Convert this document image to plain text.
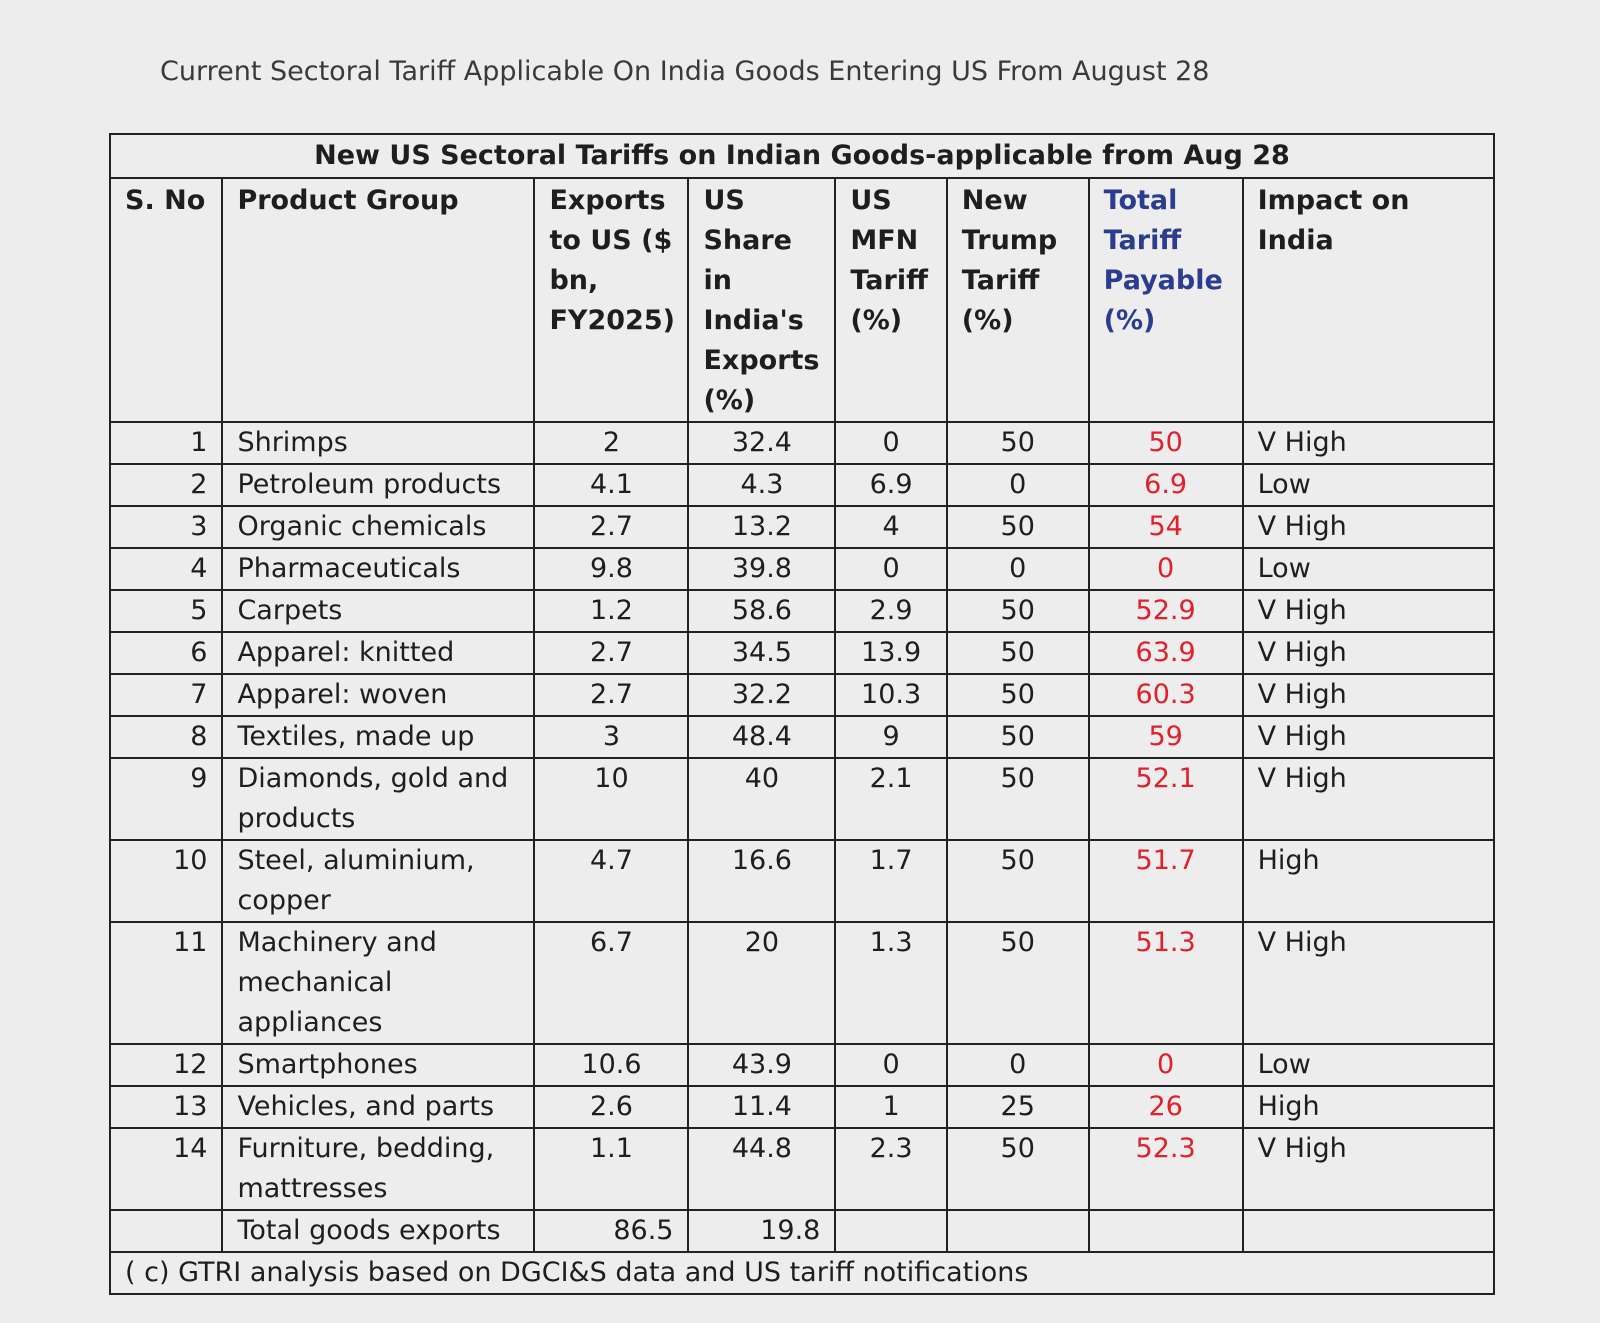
Current Sectoral Tariff Applicable On India Goods Entering US From August 28
New US Sectoral Tariffs on Indian Goods-applicable from Aug 28							
S. No	Product Group	Exports to US ($ bn, FY2025)	US Share in India's Exports (%)	US MFN Tariff (%)	New Trump Tariff (%)	Total Tariff Payable (%)	Impact on India
1	Shrimps	2	32.4	0	50	50	V High
2	Petroleum products	4.1	4.3	6.9	0	6.9	Low
3	Organic chemicals	2.7	13.2	4	50	54	V High
4	Pharmaceuticals	9.8	39.8	0	0	0	Low
5	Carpets	1.2	58.6	2.9	50	52.9	V High
6	Apparel: knitted	2.7	34.5	13.9	50	63.9	V High
7	Apparel: woven	2.7	32.2	10.3	50	60.3	V High
8	Textiles, made up	3	48.4	9	50	59	V High
9	Diamonds, gold and products	10	40	2.1	50	52.1	V High
10	Steel, aluminium, copper	4.7	16.6	1.7	50	51.7	High
11	Machinery and mechanical appliances	6.7	20	1.3	50	51.3	V High
12	Smartphones	10.6	43.9	0	0	0	Low
13	Vehicles, and parts	2.6	11.4	1	25	26	High
14	Furniture, bedding, mattresses	1.1	44.8	2.3	50	52.3	V High
	Total goods exports	86.5	19.8				
( c) GTRI analysis based on DGCI&S data and US tariff notifications							
